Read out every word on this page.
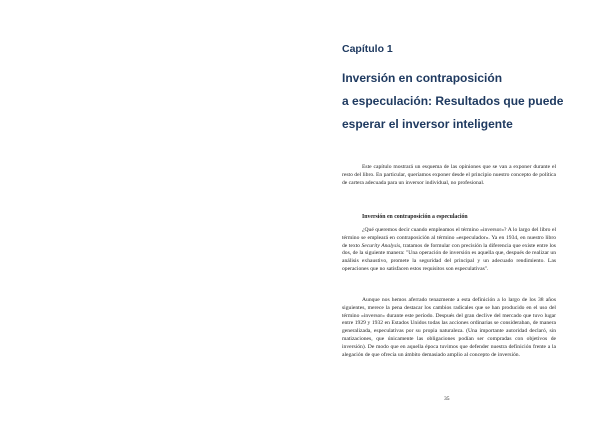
Capítulo 1
Inversión en contraposición
a especulación: Resultados que puede
esperar el inversor inteligente

Este capítulo mostrará un esquema de las opiniones que se van a exponer durante el resto del libro. En particular, queríamos exponer desde el principio nuestro concepto de política de cartera adecuada para un inversor individual, no profesional.

Inversión en contraposición a especulación

¿Qué queremos decir cuando empleamos el término «inversor»? A lo largo del libro el término se empleará en contraposición al término «especulador». Ya en 1934, en nuestro libro de texto Security Analysis, tratamos de formular con precisión la diferencia que existe entre los dos, de la siguiente manera: "Una operación de inversión es aquella que, después de realizar un análisis exhaustivo, promete la seguridad del principal y un adecuado rendimiento. Las operaciones que no satisfacen estos requisitos son especulativas".

Aunque nos hemos aferrado tenazmente a esta definición a lo largo de los 38 años siguientes, merece la pena destacar los cambios radicales que se han producido en el uso del término «inversor» durante este período. Después del gran declive del mercado que tuvo lugar entre 1929 y 1932 en Estados Unidos todas las acciones ordinarias se consideraban, de manera generalizada, especulativas por su propia naturaleza. (Una importante autoridad declaró, sin matizaciones, que únicamente las obligaciones podían ser compradas con objetivos de inversión). De modo que en aquella época tuvimos que defender nuestra definición frente a la alegación de que ofrecía un ámbito demasiado amplio al concepto de inversión.

35
